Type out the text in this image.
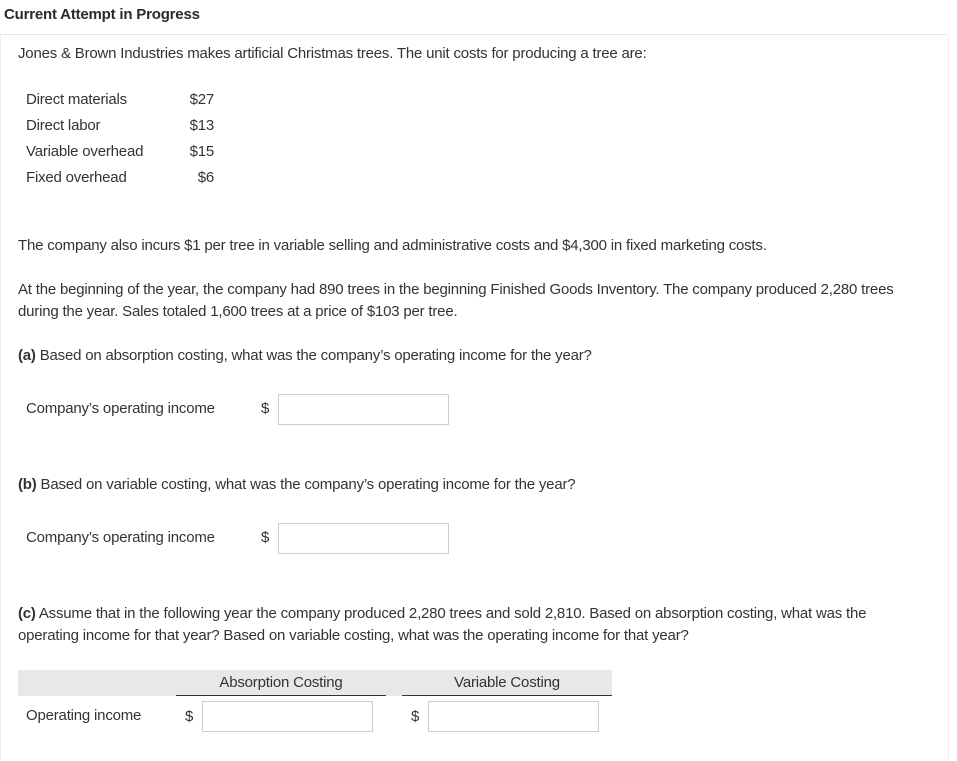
Current Attempt in Progress
Jones & Brown Industries makes artificial Christmas trees. The unit costs for producing a tree are:
Direct materials	$27
Direct labor	$13
Variable overhead	$15
Fixed overhead	$6
The company also incurs $1 per tree in variable selling and administrative costs and $4,300 in fixed marketing costs.
At the beginning of the year, the company had 890 trees in the beginning Finished Goods Inventory. The company produced 2,280 trees during the year. Sales totaled 1,600 trees at a price of $103 per tree.
(a) Based on absorption costing, what was the company’s operating income for the year?
Company’s operating income	$
(b) Based on variable costing, what was the company’s operating income for the year?
Company’s operating income	$
(c) Assume that in the following year the company produced 2,280 trees and sold 2,810. Based on absorption costing, what was the operating income for that year? Based on variable costing, what was the operating income for that year?
Absorption Costing	Variable Costing
Operating income	$	$
